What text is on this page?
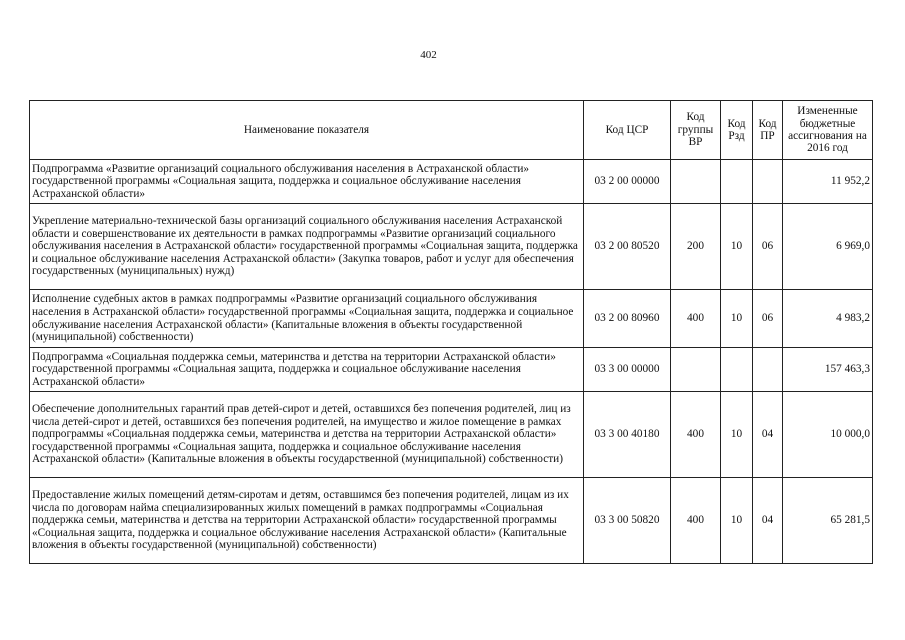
402
Наименование показателя	Код ЦСР	Код группы ВР	Код Рзд	Код ПР	Измененные бюджетные ассигнования на 2016 год
Подпрограмма «Развитие организаций социального обслуживания населения в Астраханской области» государственной программы «Социальная защита, поддержка и социальное обслуживание населения Астраханской области»	03 2 00 00000				11 952,2
Укрепление материально-технической базы организаций социального обслуживания населения Астраханской области и совершенствование их деятельности в рамках подпрограммы «Развитие организаций социального обслуживания населения в Астраханской области» государственной программы «Социальная защита, поддержка и социальное обслуживание населения Астраханской области» (Закупка товаров, работ и услуг для обеспечения государственных (муниципальных) нужд)	03 2 00 80520	200	10	06	6 969,0
Исполнение судебных актов в рамках подпрограммы «Развитие организаций социального обслуживания населения в Астраханской области» государственной программы «Социальная защита, поддержка и социальное обслуживание населения Астраханской области» (Капитальные вложения в объекты государственной (муниципальной) собственности)	03 2 00 80960	400	10	06	4 983,2
Подпрограмма «Социальная поддержка семьи, материнства и детства на территории Астраханской области» государственной программы «Социальная защита, поддержка и социальное обслуживание населения Астраханской области»	03 3 00 00000				157 463,3
Обеспечение дополнительных гарантий прав детей-сирот и детей, оставшихся без попечения родителей, лиц из числа детей-сирот и детей, оставшихся без попечения родителей, на имущество и жилое помещение в рамках подпрограммы «Социальная поддержка семьи, материнства и детства на территории Астраханской области» государственной программы «Социальная защита, поддержка и социальное обслуживание населения Астраханской области» (Капитальные вложения в объекты государственной (муниципальной) собственности)	03 3 00 40180	400	10	04	10 000,0
Предоставление жилых помещений детям-сиротам и детям, оставшимся без попечения родителей, лицам из их числа по договорам найма специализированных жилых помещений в рамках подпрограммы «Социальная поддержка семьи, материнства и детства на территории Астраханской области» государственной программы «Социальная защита, поддержка и социальное обслуживание населения Астраханской области» (Капитальные вложения в объекты государственной (муниципальной) собственности)	03 3 00 50820	400	10	04	65 281,5
